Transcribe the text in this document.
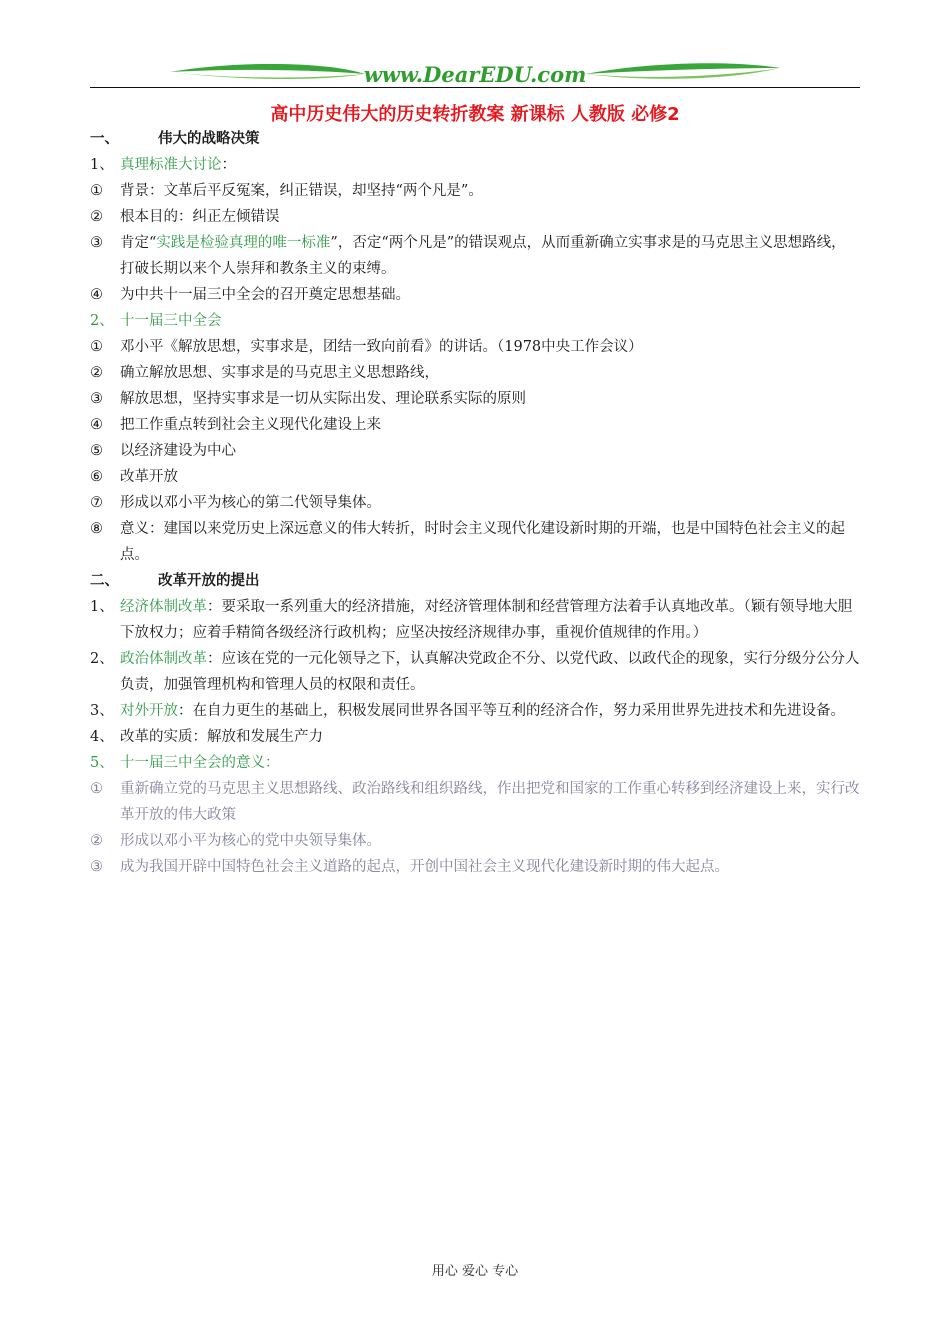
www.DearEDU.com
高中历史伟大的历史转折教案 新课标 人教版 必修2
一、	伟大的战略决策
1、 真理标准大讨论：
① 背景：文革后平反冤案，纠正错误，却坚持“两个凡是”。
② 根本目的：纠正左倾错误
③ 肯定“实践是检验真理的唯一标准”，否定“两个凡是”的错误观点，从而重新确立实事求是的马克思主义思想路线，打破长期以来个人崇拜和教条主义的束缚。
④ 为中共十一届三中全会的召开奠定思想基础。
2、 十一届三中全会
① 邓小平《解放思想，实事求是，团结一致向前看》的讲话。（1978中央工作会议）
② 确立解放思想、实事求是的马克思主义思想路线，
③ 解放思想，坚持实事求是一切从实际出发、理论联系实际的原则
④ 把工作重点转到社会主义现代化建设上来
⑤ 以经济建设为中心
⑥ 改革开放
⑦ 形成以邓小平为核心的第二代领导集体。
⑧ 意义：建国以来党历史上深远意义的伟大转折，时时会主义现代化建设新时期的开端，也是中国特色社会主义的起点。
二、	改革开放的提出
1、 经济体制改革：要采取一系列重大的经济措施，对经济管理体制和经营管理方法着手认真地改革。（颖有领导地大胆下放权力；应着手精简各级经济行政机构；应坚决按经济规律办事，重视价值规律的作用。）
2、 政治体制改革：应该在党的一元化领导之下，认真解决党政企不分、以党代政、以政代企的现象，实行分级分公分人负责，加强管理机构和管理人员的权限和责任。
3、 对外开放：在自力更生的基础上，积极发展同世界各国平等互利的经济合作，努力采用世界先进技术和先进设备。
4、 改革的实质：解放和发展生产力
5、 十一届三中全会的意义：
① 重新确立党的马克思主义思想路线、政治路线和组织路线，作出把党和国家的工作重心转移到经济建设上来，实行改革开放的伟大政策
② 形成以邓小平为核心的党中央领导集体。
③ 成为我国开辟中国特色社会主义道路的起点，开创中国社会主义现代化建设新时期的伟大起点。
用心 爱心 专心
